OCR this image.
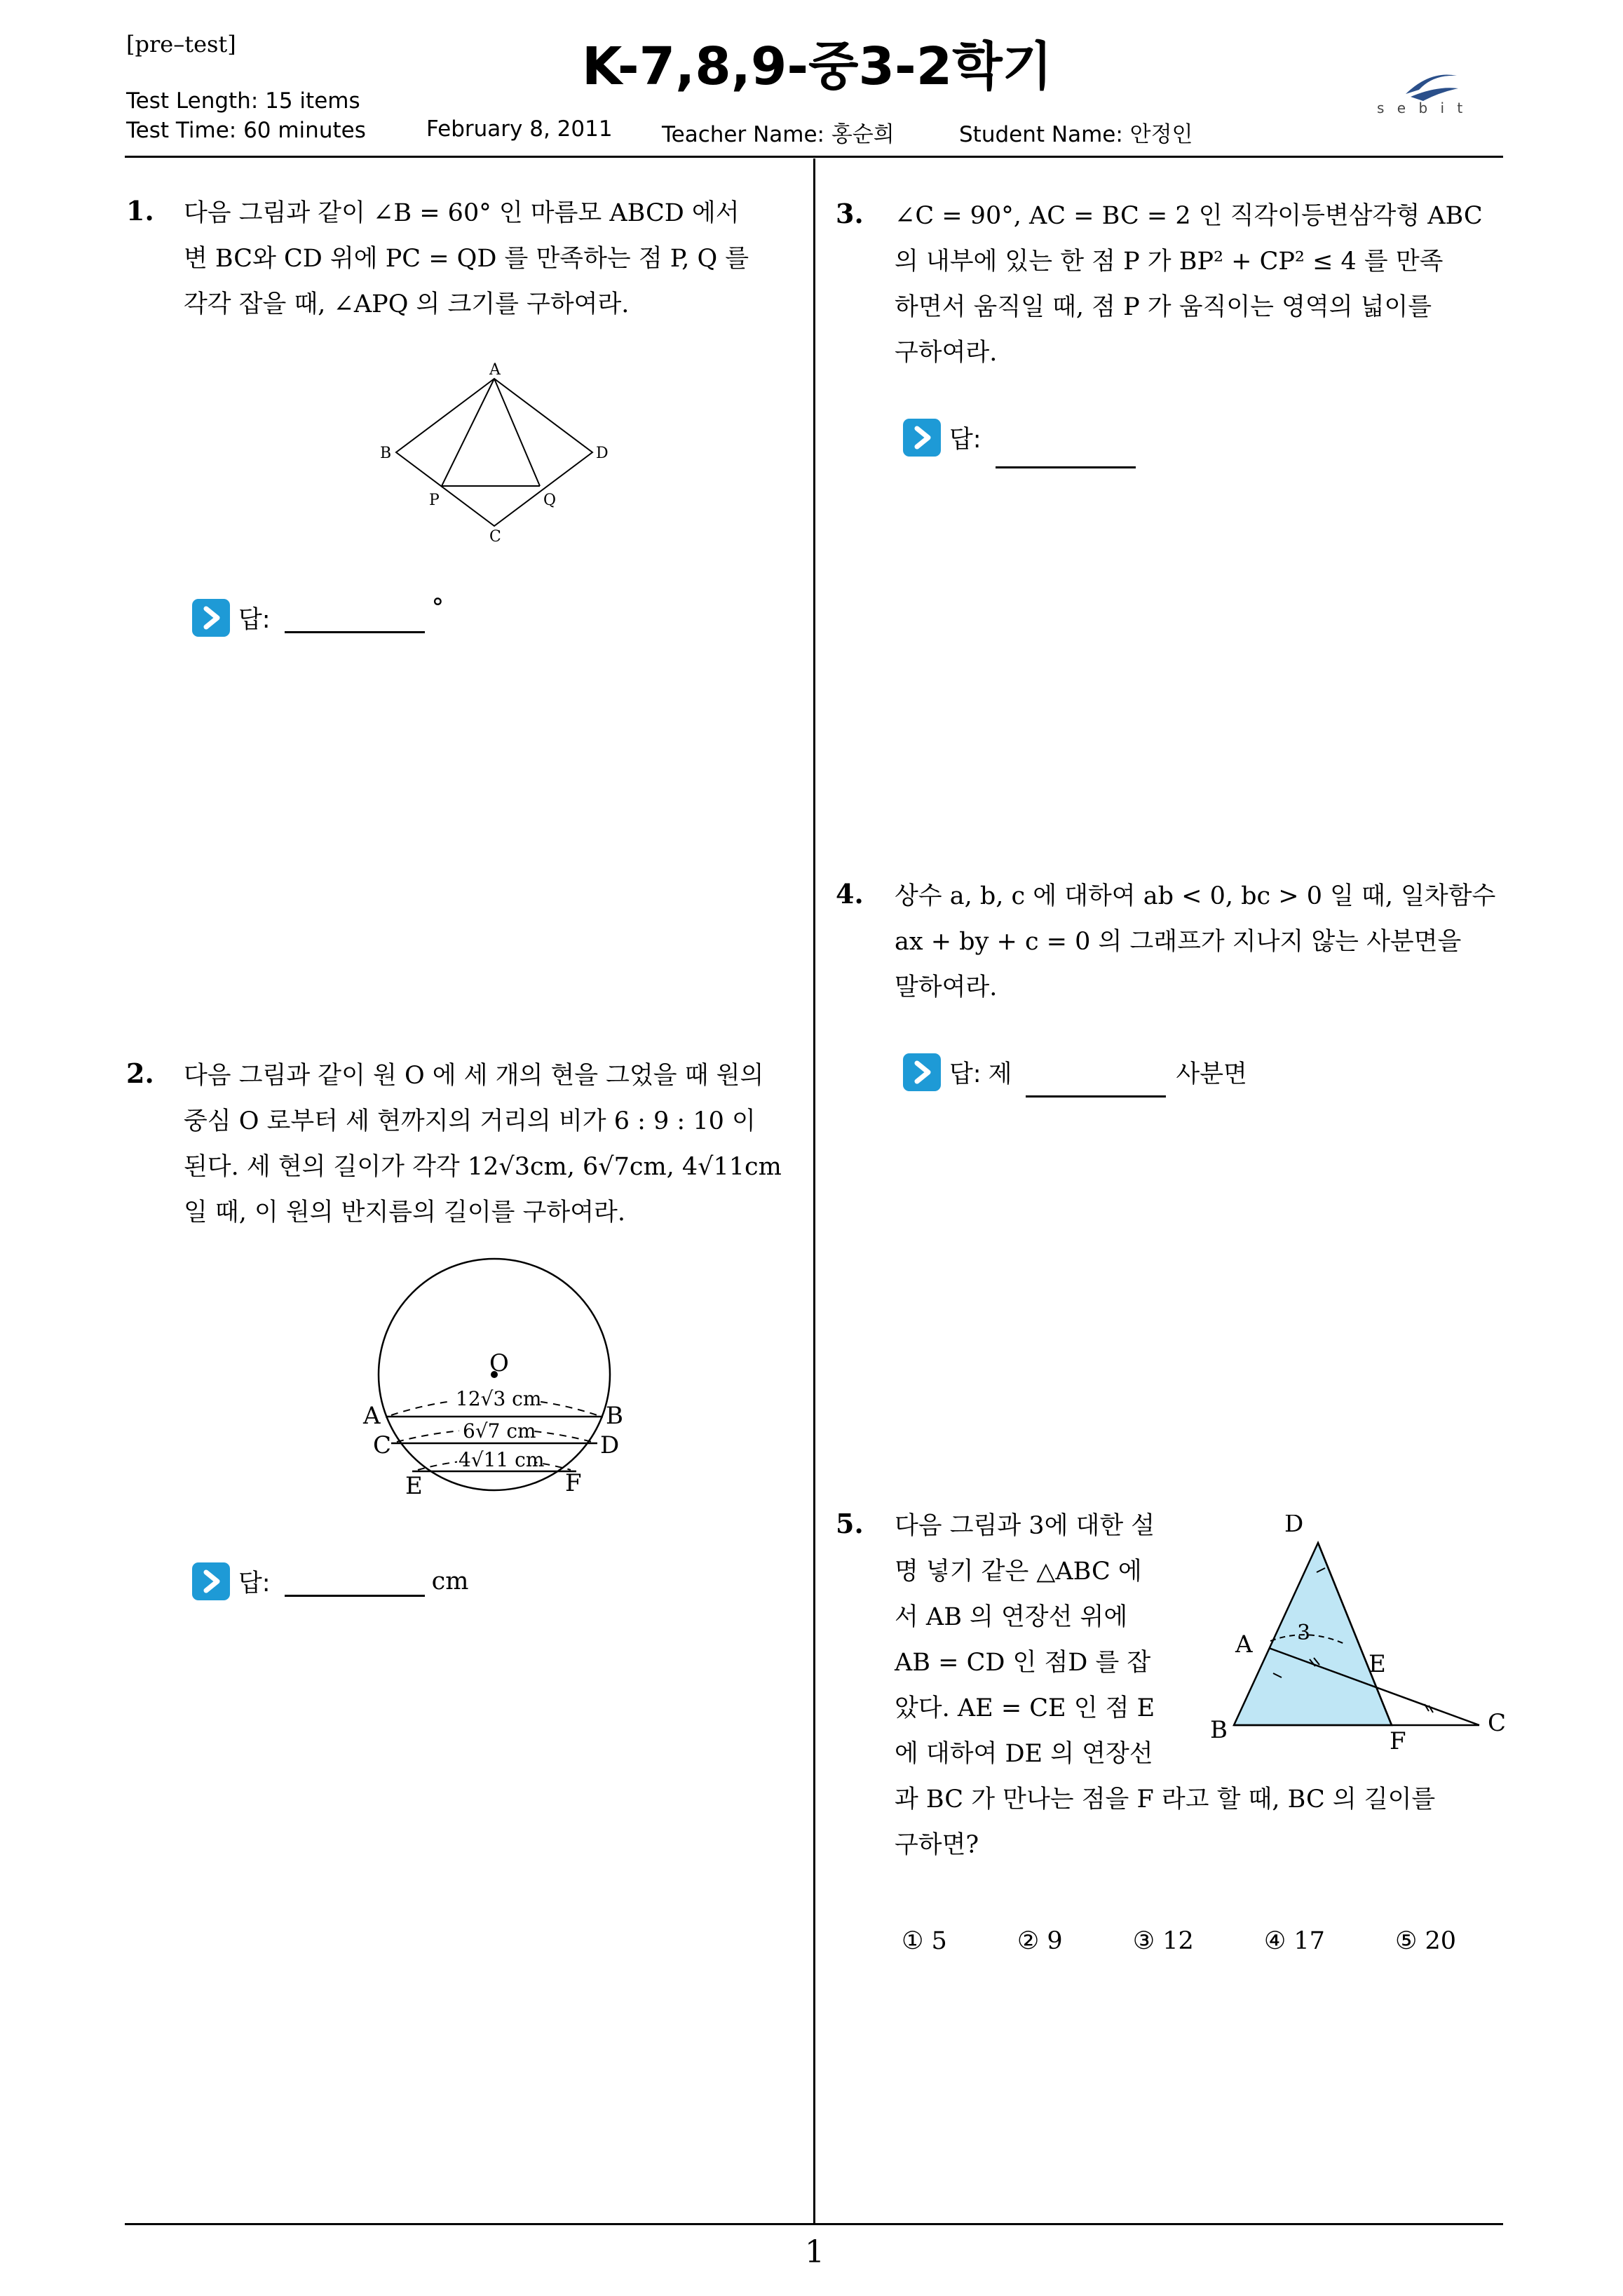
[pre–test]	K-7,8,9-중3-2학기
Test Length: 15 items
Test Time: 60 minutes	February 8, 2011 Teacher Name: 홍순희	Student Name: 안정인
s e b i t
1
1. 다음 그림과 같이 ∠B = 60° 인 마름모 ABCD 에서
변 BC와 CD 위에 PC = QD 를 만족하는 점 P, Q 를
각각 잡을 때, ∠APQ 의 크기를 구하여라.
A
B	D
P	Q
C
답:	°
2. 다음 그림과 같이 원 O 에 세 개의 현을 그었을 때 원의
중심 O 로부터 세 현까지의 거리의 비가 6 : 9 : 10 이
된다. 세 현의 길이가 각각 12√3cm, 6√7cm, 4√11cm
일 때, 이 원의 반지름의 길이를 구하여라.
O
A	B
C	D
E	F
12√3 cm
6√7 cm
4√11 cm
답:	cm
3. ∠C = 90°, AC = BC = 2 인 직각이등변삼각형 ABC
의 내부에 있는 한 점 P 가 BP² + CP² ≤ 4 를 만족
하면서 움직일 때, 점 P 가 움직이는 영역의 넓이를
구하여라.
답:
4. 상수 a, b, c 에 대하여 ab < 0, bc > 0 일 때, 일차함수
ax + by + c = 0 의 그래프가 지나지 않는 사분면을
말하여라.
답: 제	사분면
5. 다음 그림과 3에 대한 설
명 넣기 같은 △ABC 에
서 AB 의 연장선 위에
AB = CD 인 점D 를 잡
았다. AE = CE 인 점 E
에 대하여 DE 의 연장선
과 BC 가 만나는 점을 F 라고 할 때, BC 의 길이를
구하면?
D
A 3
E
B	F
C
① 5	② 9	③ 12	④ 17	⑤ 20
